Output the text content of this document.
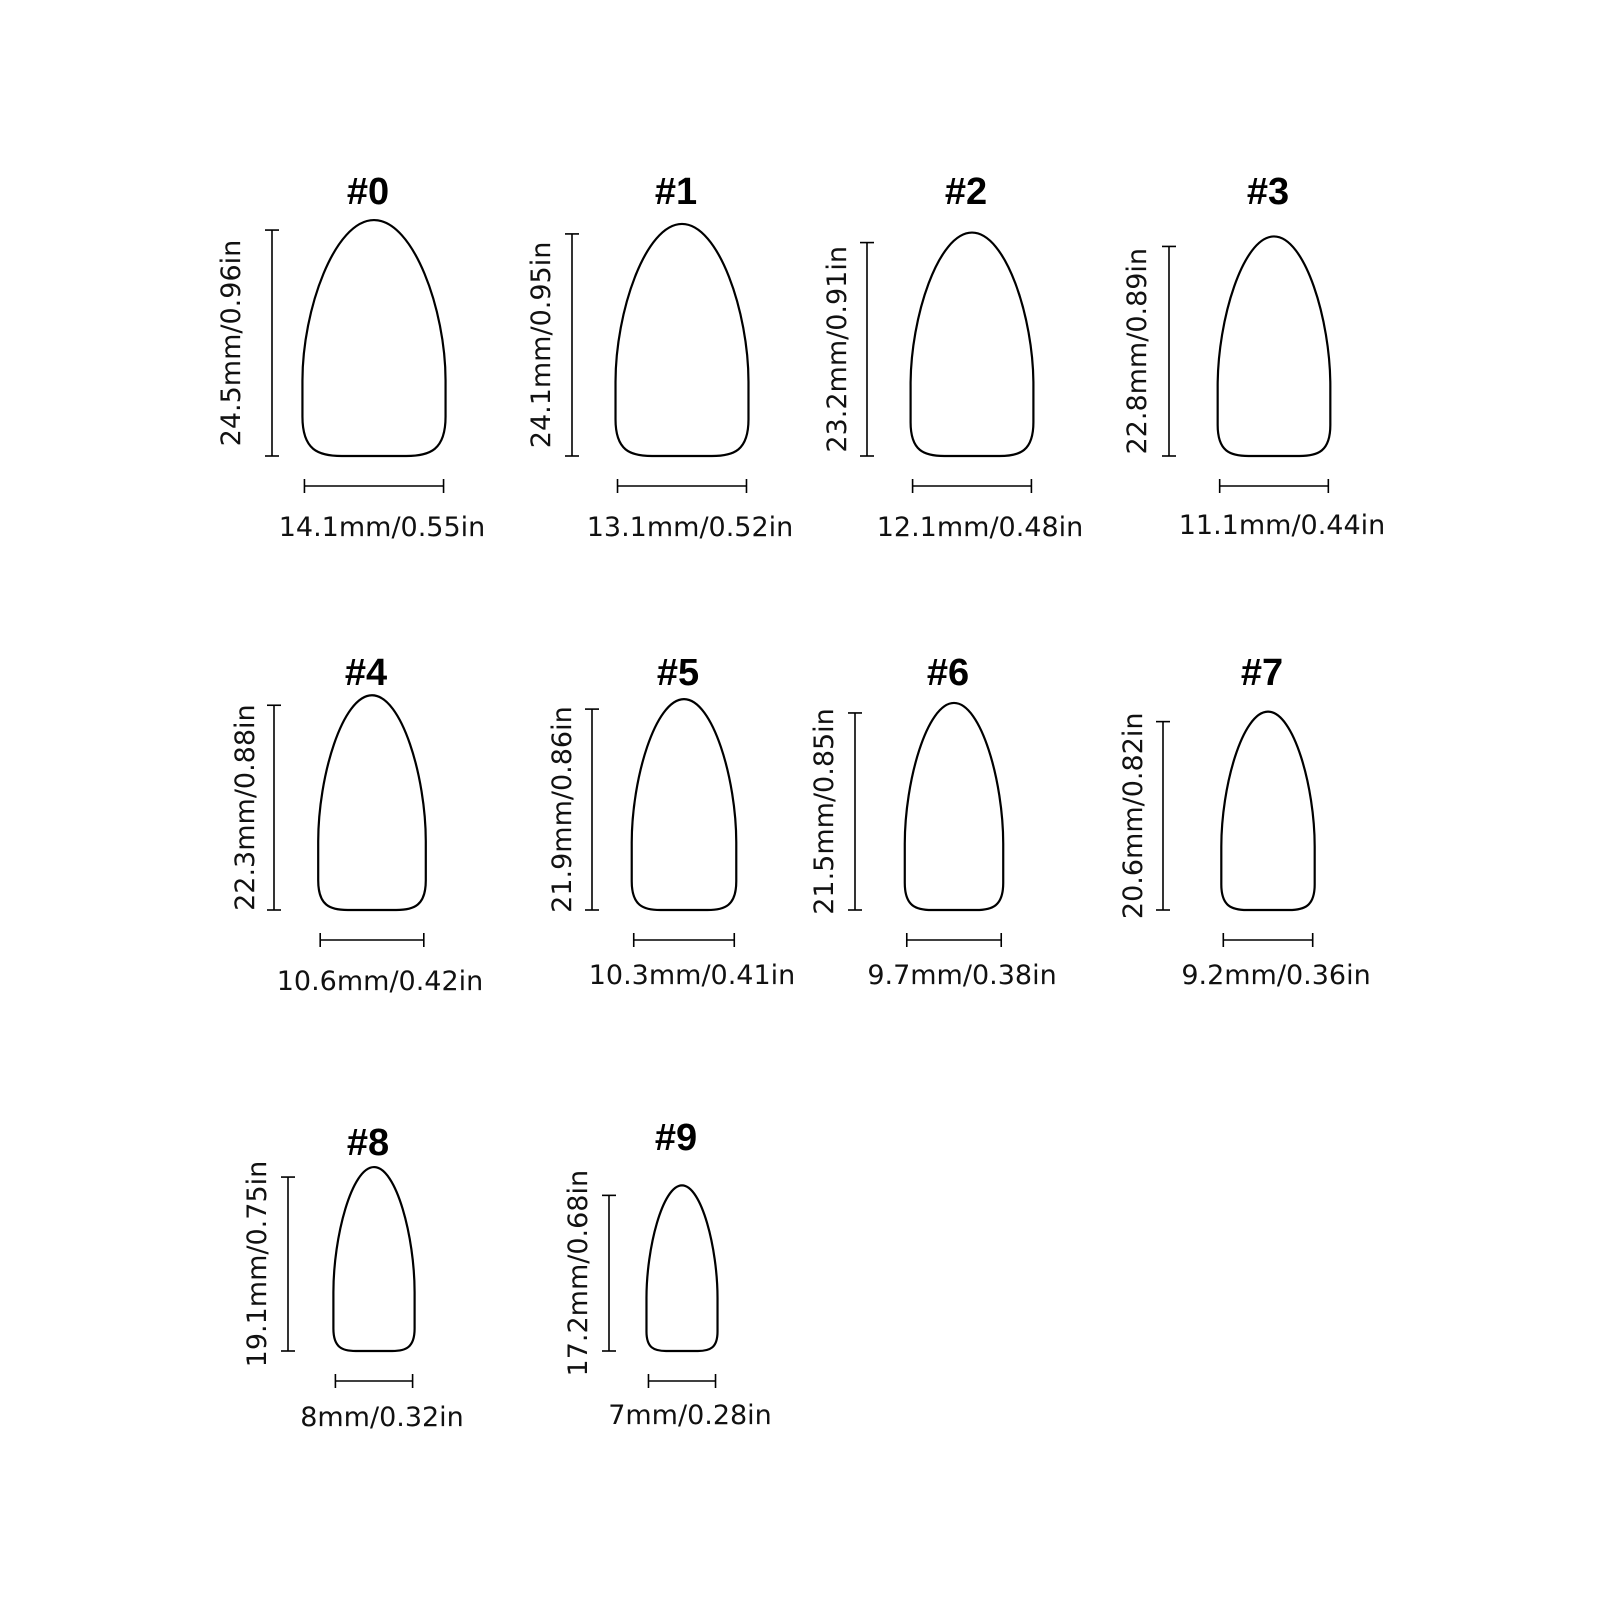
#0
24.5mm/0.96in
14.1mm/0.55in
#1
24.1mm/0.95in
13.1mm/0.52in
#2
23.2mm/0.91in
12.1mm/0.48in
#3
22.8mm/0.89in
11.1mm/0.44in
#4
22.3mm/0.88in
10.6mm/0.42in
#5
21.9mm/0.86in
10.3mm/0.41in
#6
21.5mm/0.85in
9.7mm/0.38in
#7
20.6mm/0.82in
9.2mm/0.36in
#8
19.1mm/0.75in
8mm/0.32in
#9
17.2mm/0.68in
7mm/0.28in
